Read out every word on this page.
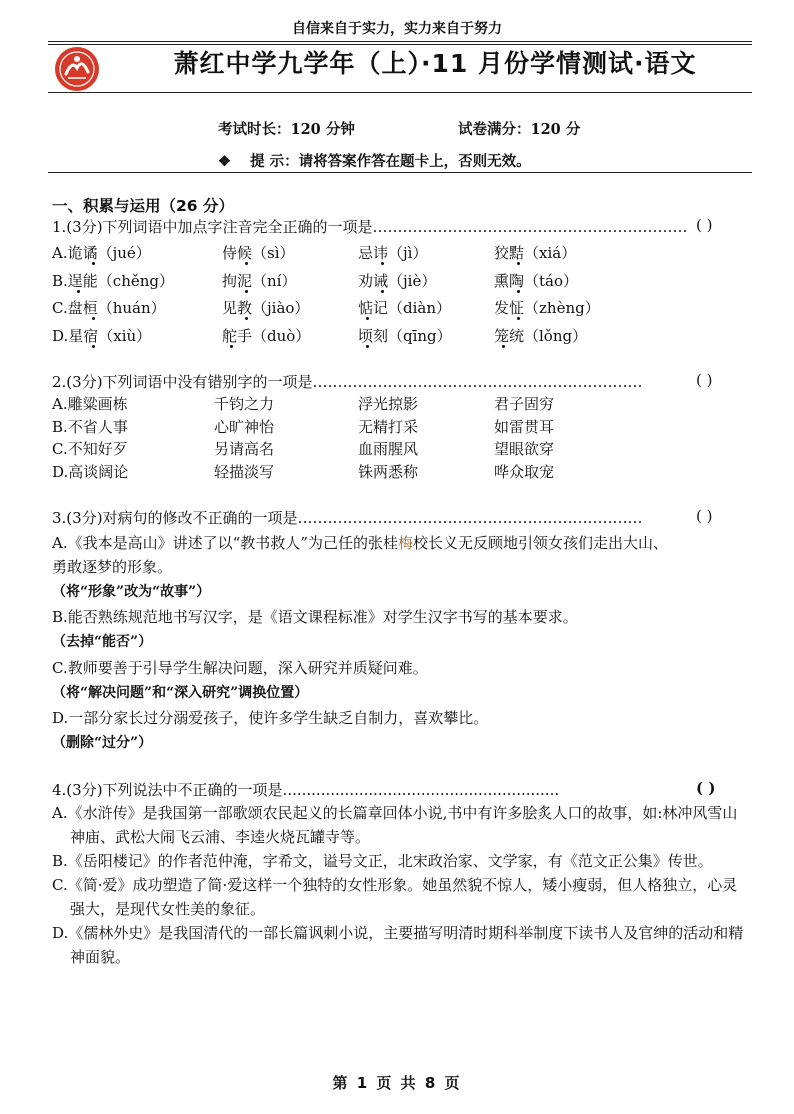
自信来自于实力，实力来自于努力
萧红中学九学年（上）·11 月份学情测试·语文
考试时长：120 分钟	试卷满分：120 分
❖ 提 示：请将答案作答在题卡上，否则无效。
一、积累与运用（26 分）
1.(3分)下列词语中加点字注音完全正确的一项是……………………………………………………… ( )
A.诡谲（jué）	侍候（sì）	忌讳（jì）	狡黠（xiá）
B.逞能（chěng）	拘泥（ní）	劝诫（jiè）	熏陶（táo）
C.盘桓（huán）	见教（jiào）	惦记（diàn）	发怔（zhèng）
D.星宿（xiù）	舵手（duò）	顷刻（qīng）	笼统（lǒng）
2.(3分)下列词语中没有错别字的一项是…………………………………………………………	( )
A.雕粱画栋	千钧之力	浮光掠影	君子固穷
B.不省人事	心旷神怡	无精打采	如雷贯耳
C.不知好歹	另请高名	血雨腥风	望眼欲穿
D.高谈阔论	轻描淡写	铢两悉称	哗众取宠
3.(3分)对病句的修改不正确的一项是……………………………………………………………	( )
A.《我本是高山》讲述了以“教书救人”为己任的张桂梅校长义无反顾地引领女孩们走出大山、
勇敢逐梦的形象。
（将“形象”改为“故事”）
B.能否熟练规范地书写汉字，是《语文课程标准》对学生汉字书写的基本要求。
（去掉“能否”）
C.教师要善于引导学生解决问题，深入研究并质疑问难。
（将“解决问题”和“深入研究”调换位置）
D.一部分家长过分溺爱孩子，使许多学生缺乏自制力，喜欢攀比。
（删除“过分”）
4.(3分)下列说法中不正确的一项是..........................................................	( )
A.《水浒传》是我国第一部歌颂农民起义的长篇章回体小说,书中有许多脍炙人口的故事，如:林冲风雪山神庙、武松大闹飞云浦、李逵火烧瓦罐寺等。
B.《岳阳楼记》的作者范仲淹，字希文，谥号文正，北宋政治家、文学家，有《范文正公集》传世。
C.《简·爱》成功塑造了简·爱这样一个独特的女性形象。她虽然貌不惊人，矮小瘦弱，但人格独立，心灵强大，是现代女性美的象征。
D.《儒林外史》是我国清代的一部长篇讽刺小说，主要描写明清时期科举制度下读书人及官绅的活动和精神面貌。
第 1 页 共 8 页
